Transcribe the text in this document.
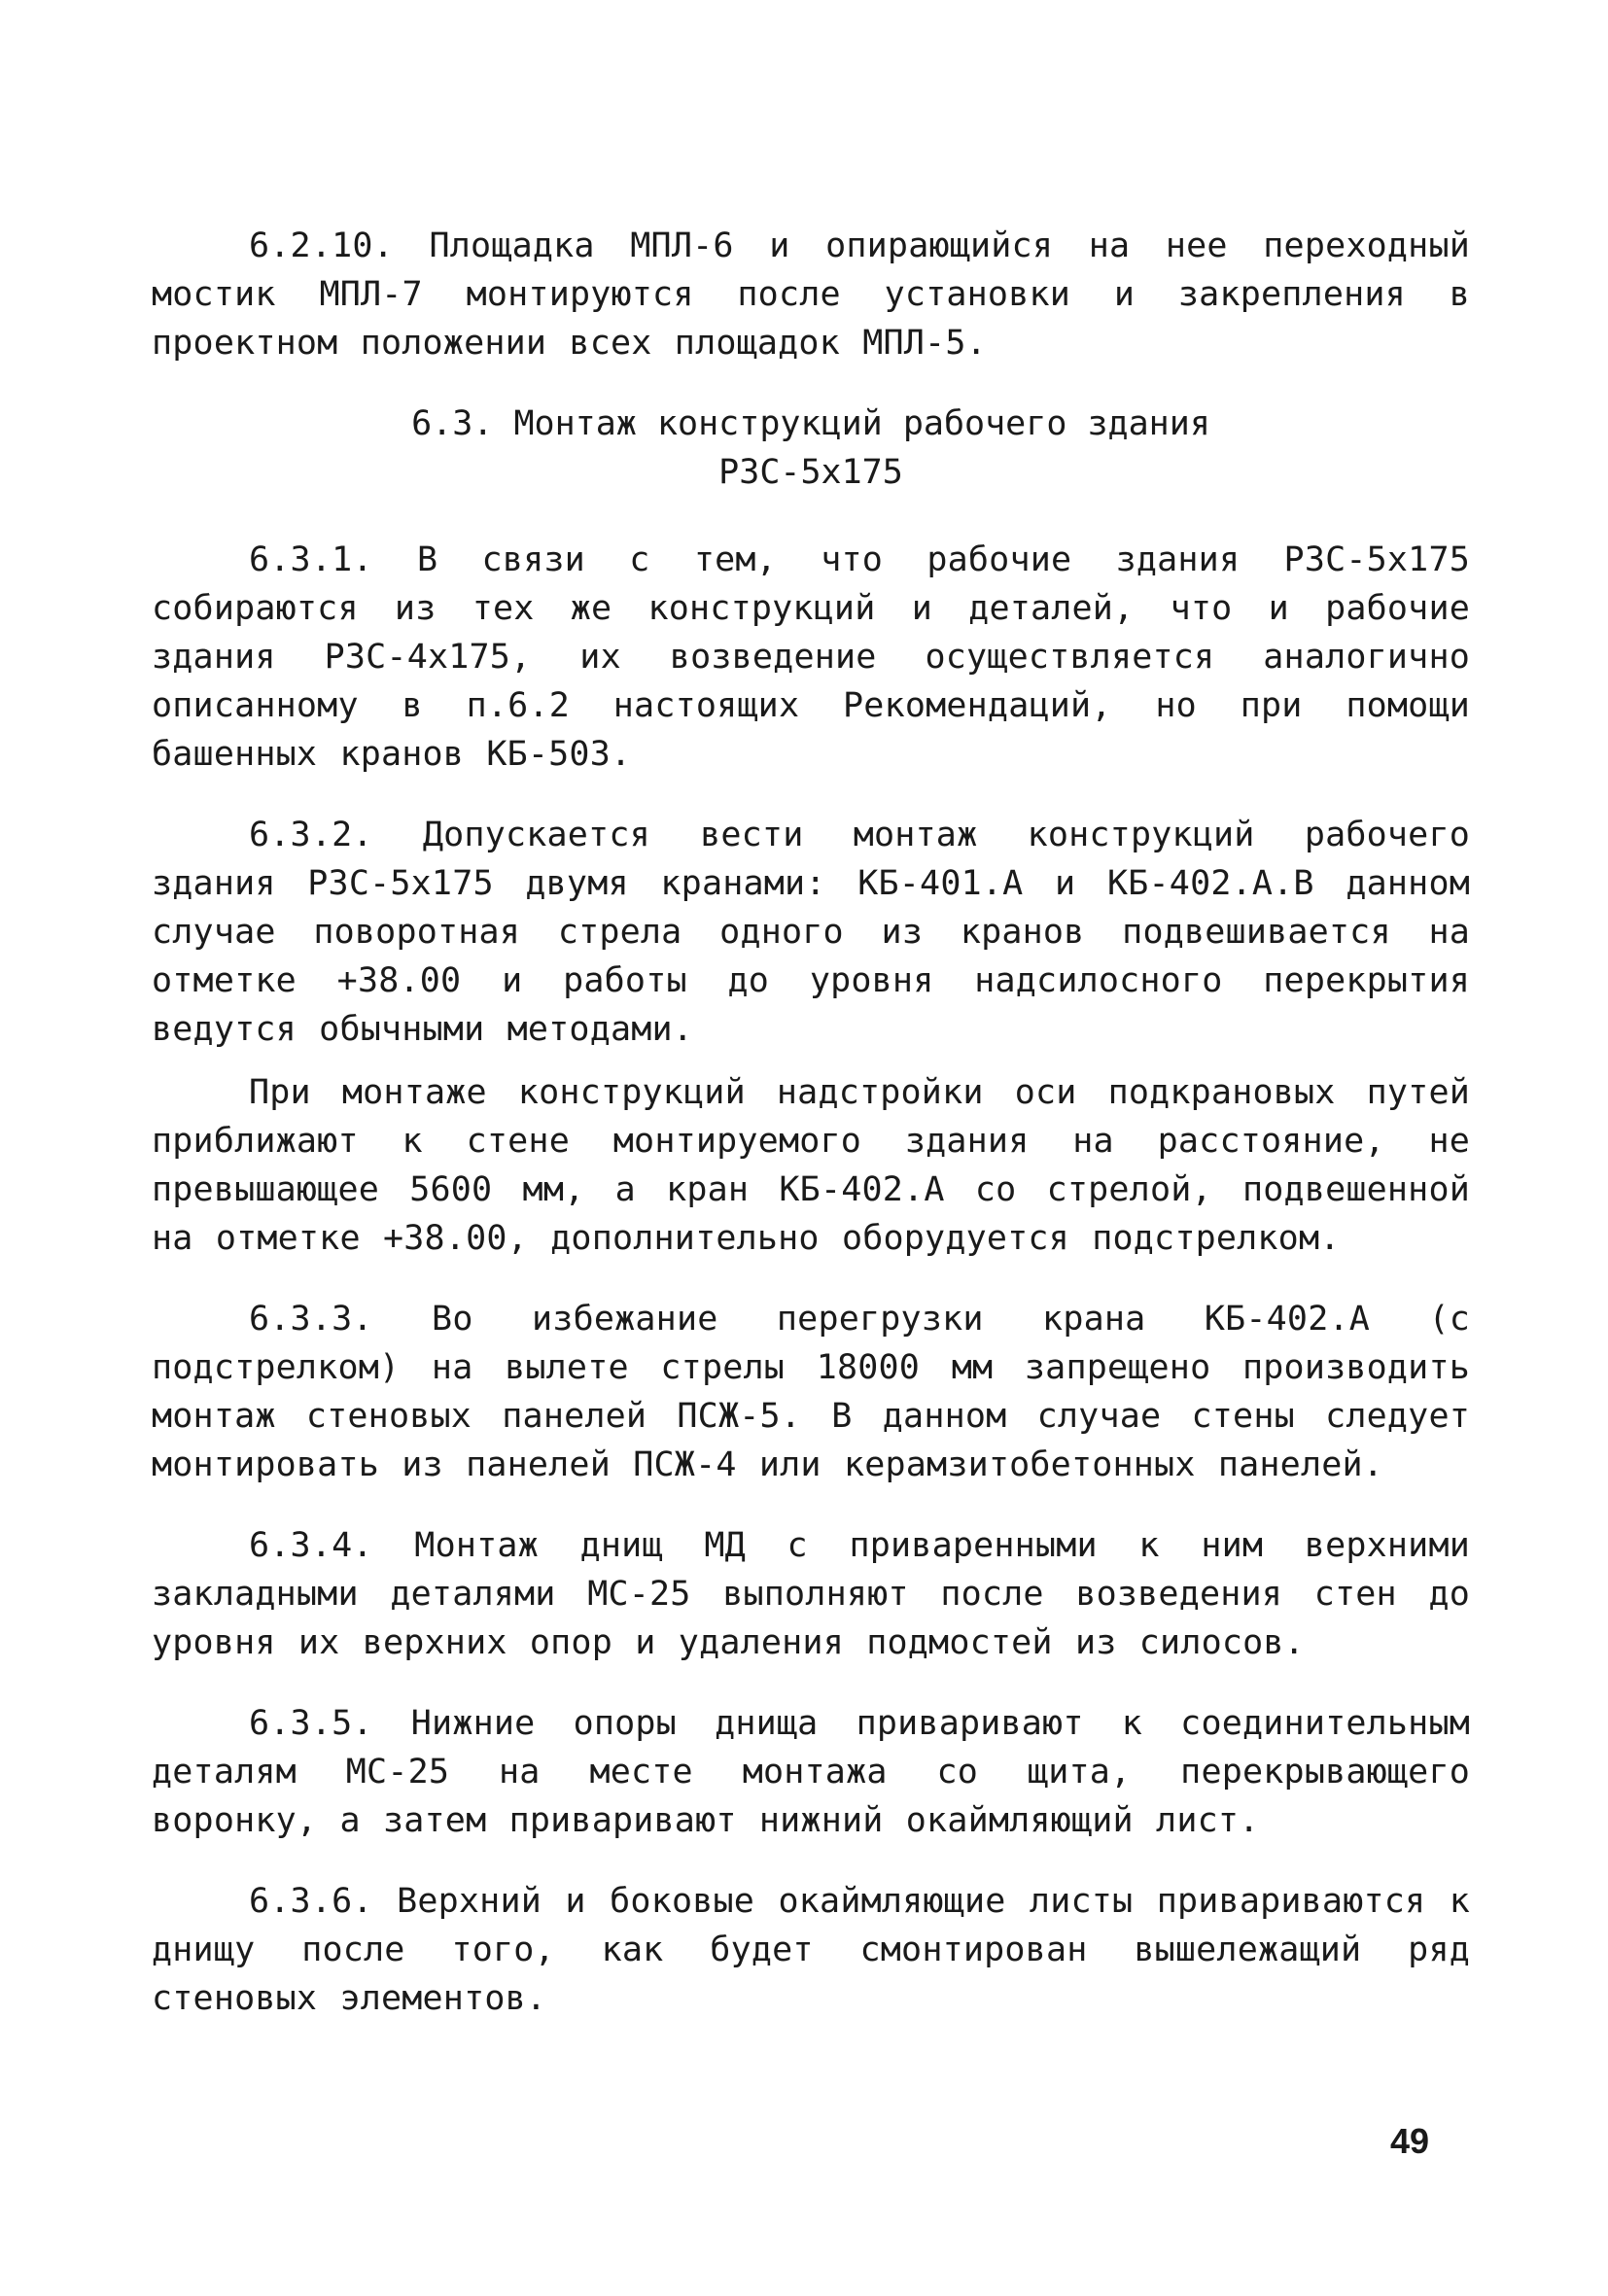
6.2.10. Площадка МПЛ-6 и опирающийся на нее переходный мостик МПЛ-7 монтируются после установки и закрепления в проектном положении всех площадок МПЛ-5.

6.3. Монтаж конструкций рабочего здания
РЗС-5х175

6.3.1. В связи с тем, что рабочие здания РЗС-5х175 собираются из тех же конструкций и деталей, что и рабочие здания РЗС-4х175, их возведение осуществляется аналогично описанному в п.6.2 настоящих Рекомендаций, но при помощи башенных кранов КБ-503.

6.3.2. Допускается вести монтаж конструкций рабочего здания РЗС-5х175 двумя кранами: КБ-401.А и КБ-402.А.В данном случае поворотная стрела одного из кранов подвешивается на отметке +38.00 и работы до уровня надсилосного перекрытия ведутся обычными методами.

При монтаже конструкций надстройки оси подкрановых путей приближают к стене монтируемого здания на расстояние, не превышающее 5600 мм, а кран КБ-402.А со стрелой, подвешенной на отметке +38.00, дополнительно оборудуется подстрелком.

6.3.3. Во избежание перегрузки крана КБ-402.А (с подстрелком) на вылете стрелы 18000 мм запрещено производить монтаж стеновых панелей ПСЖ-5. В данном случае стены следует монтировать из панелей ПСЖ-4 или керамзитобетонных панелей.

6.3.4. Монтаж днищ МД с приваренными к ним верхними закладными деталями МС-25 выполняют после возведения стен до уровня их верхних опор и удаления подмостей из силосов.

6.3.5. Нижние опоры днища приваривают к соединительным деталям МС-25 на месте монтажа со щита, перекрывающего воронку, а затем приваривают нижний окаймляющий лист.

6.3.6. Верхний и боковые окаймляющие листы привариваются к днищу после того, как будет смонтирован вышележащий ряд стеновых элементов.

49
